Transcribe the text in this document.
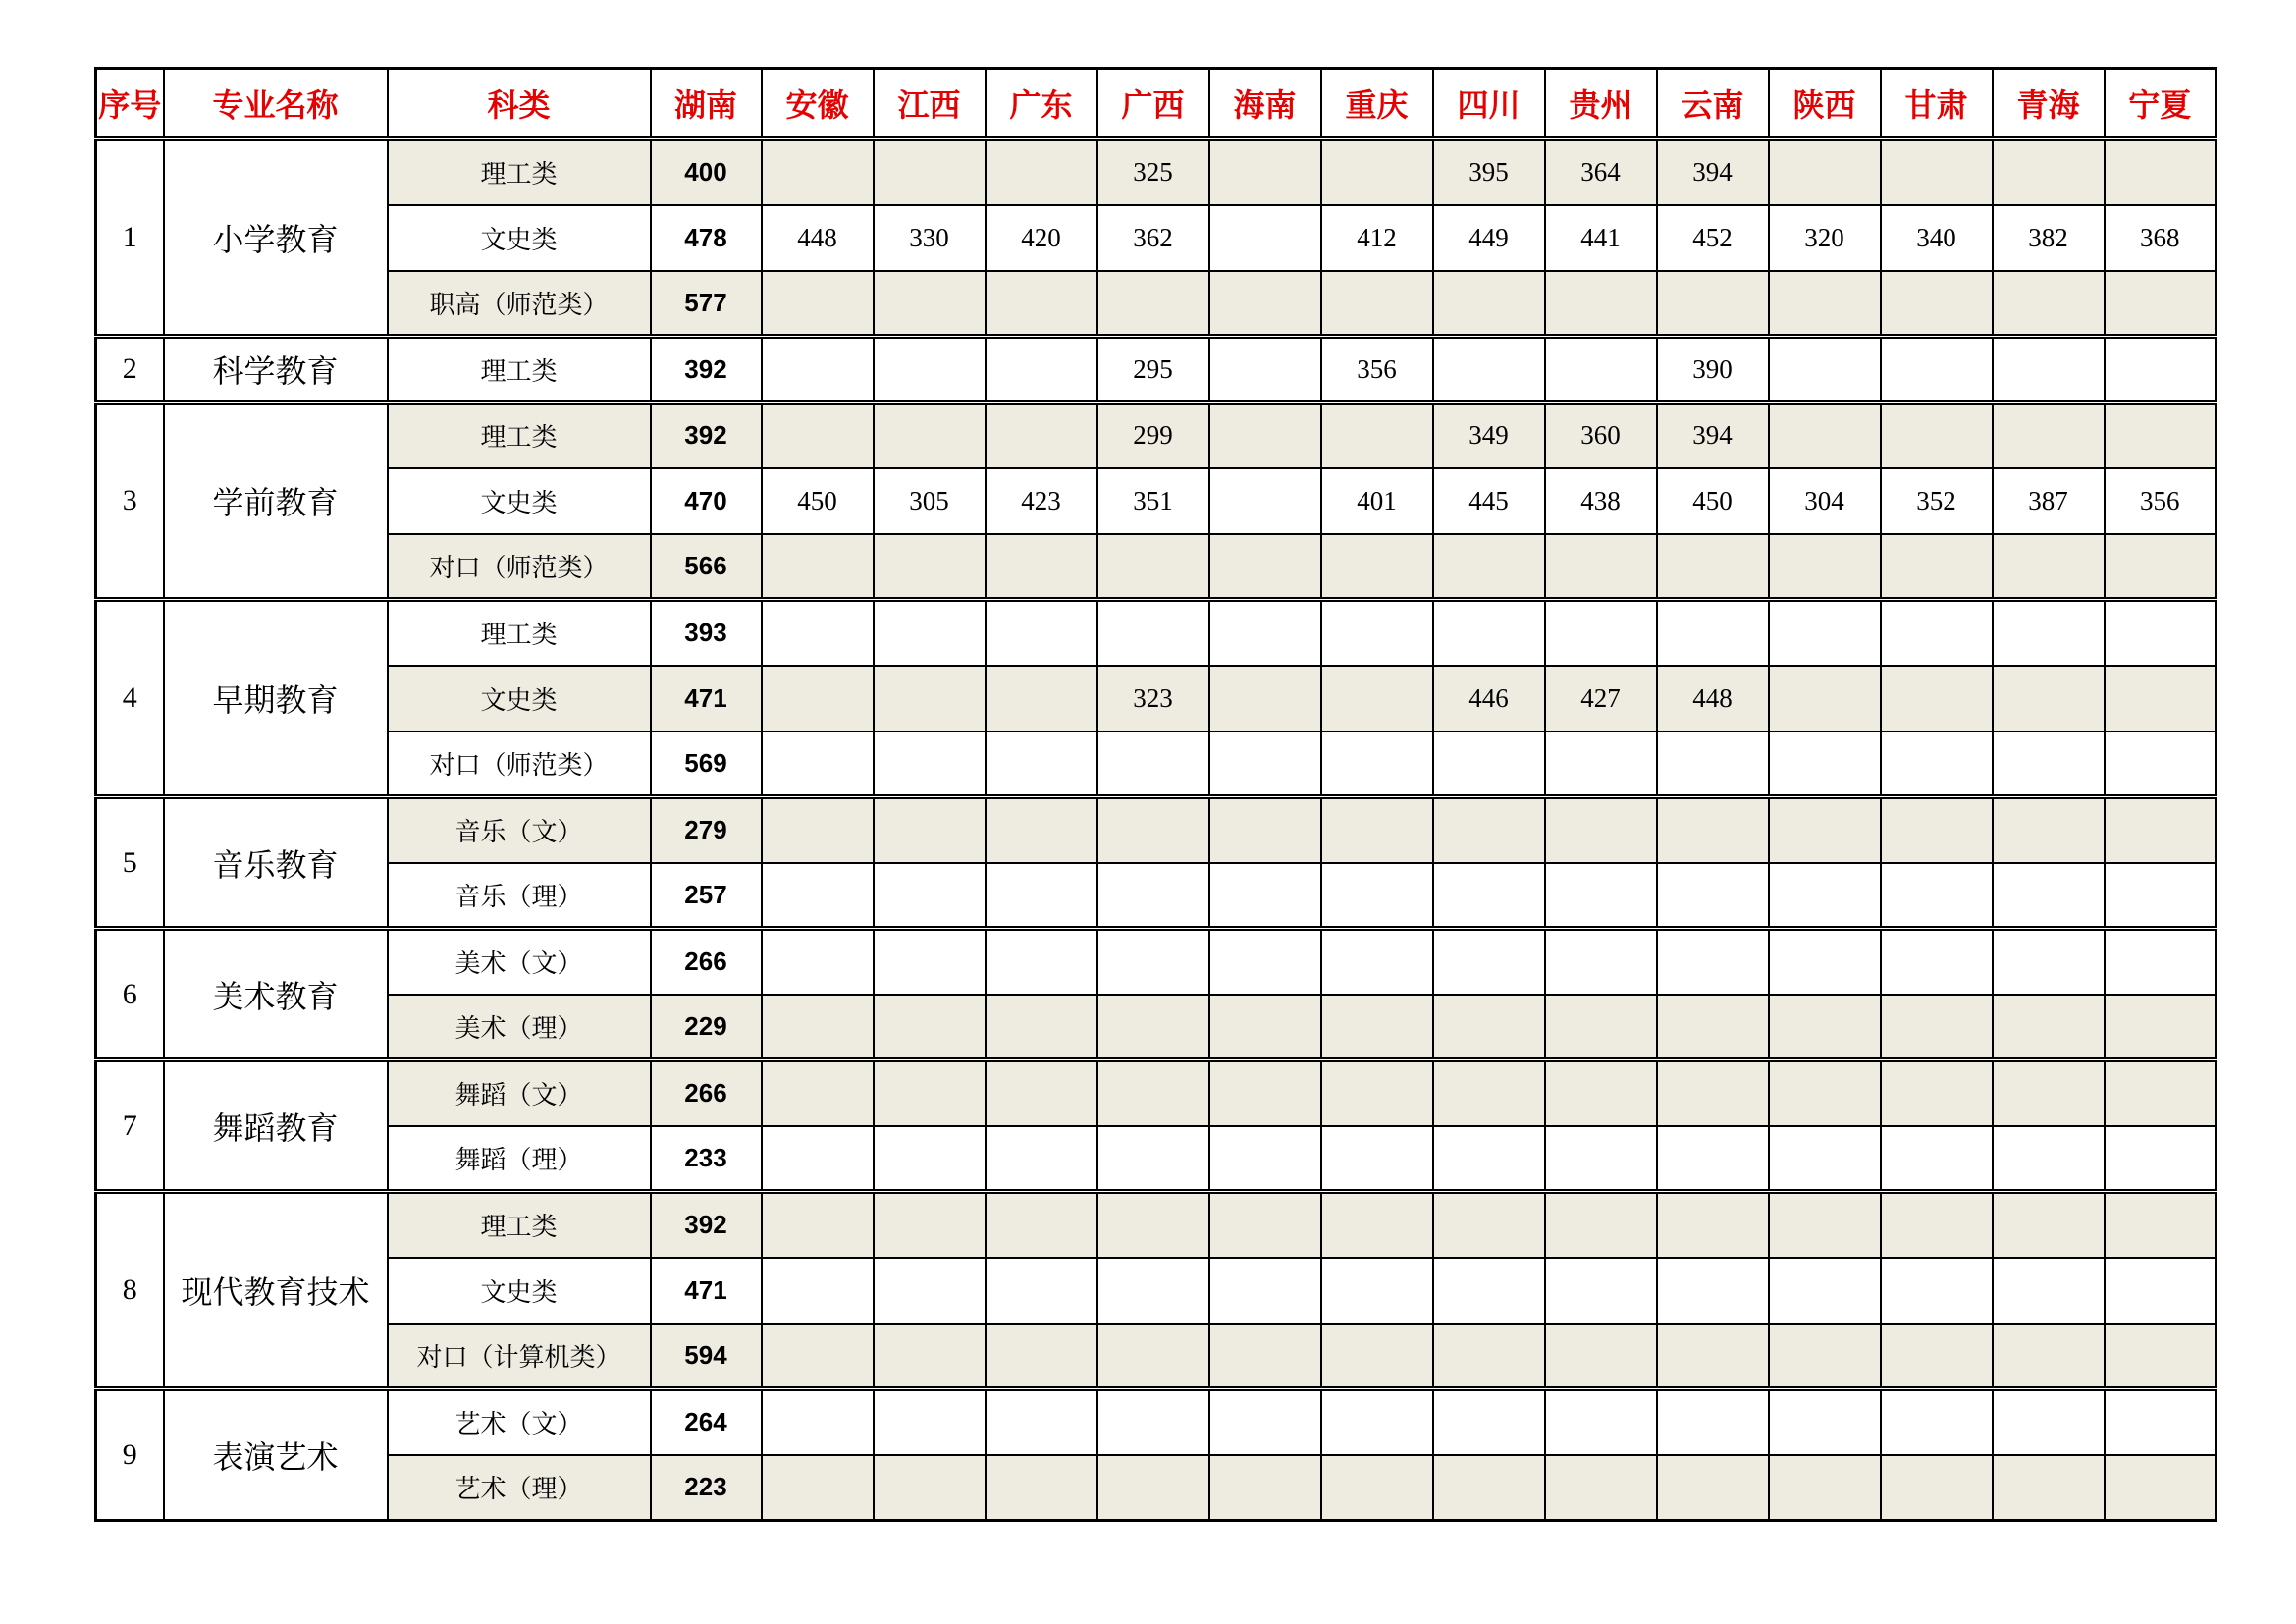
序号	专业名称	科类	湖南	安徽	江西	广东	广西	海南	重庆	四川	贵州	云南	陕西	甘肃	青海	宁夏
1	小学教育	理工类	400				325			395	364	394				
		文史类	478	448	330	420	362		412	449	441	452	320	340	382	368
		职高（师范类）	577													
2	科学教育	理工类	392				295		356			390				
3	学前教育	理工类	392				299			349	360	394				
		文史类	470	450	305	423	351		401	445	438	450	304	352	387	356
		对口（师范类）	566													
4	早期教育	理工类	393													
		文史类	471				323			446	427	448				
		对口（师范类）	569													
5	音乐教育	音乐（文）	279													
		音乐（理）	257													
6	美术教育	美术（文）	266													
		美术（理）	229													
7	舞蹈教育	舞蹈（文）	266													
		舞蹈（理）	233													
8	现代教育技术	理工类	392													
		文史类	471													
		对口（计算机类）	594													
9	表演艺术	艺术（文）	264													
		艺术（理）	223													
